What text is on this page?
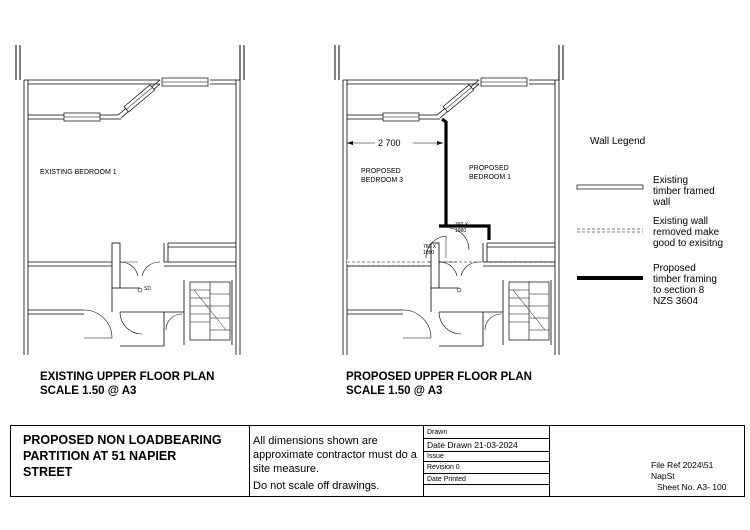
EXISTING BEDROOM 1
SD
2 700
PROPOSED
BEDROOM 3
PROPOSED
BEDROOM 1
760 X
1980
760 X
1980
Wall Legend
Existing
timber framed
wall
Existing wall
removed make
good to exisitng
Proposed
timber framing
to section 8
NZS 3604
EXISTING UPPER FLOOR PLAN
SCALE 1.50 @ A3
PROPOSED UPPER FLOOR PLAN
SCALE 1.50 @ A3
PROPOSED NON LOADBEARING
PARTITION AT 51 NAPIER
STREET
All dimensions shown are
approximate contractor must do a
site measure.
Do not scale off drawings.
Drawn
Date Drawn 21-03-2024
Issue
Revision 0
Date Printed
File Ref 2024\51
NapSt
Sheet No. A3- 100
